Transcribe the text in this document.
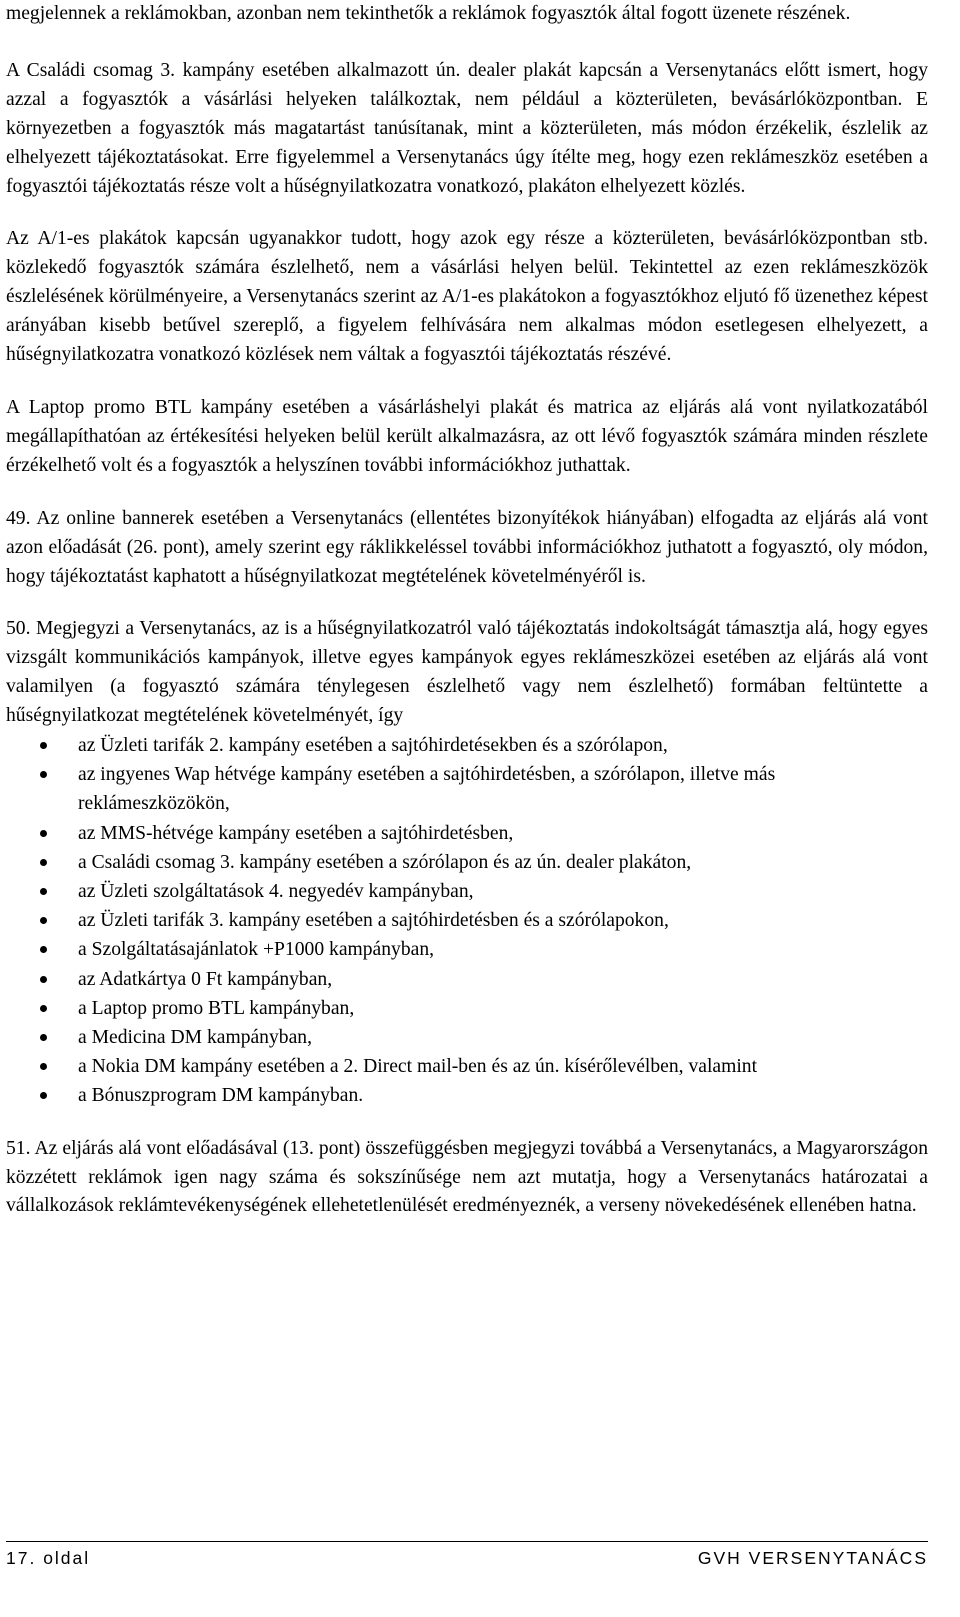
megjelennek a reklámokban, azonban nem tekinthetők a reklámok fogyasztók által fogott üzenete részének.

A Családi csomag 3. kampány esetében alkalmazott ún. dealer plakát kapcsán a Versenytanács előtt ismert, hogy azzal a fogyasztók a vásárlási helyeken találkoztak, nem például a közterületen, bevásárlóközpontban. E környezetben a fogyasztók más magatartást tanúsítanak, mint a közterületen, más módon érzékelik, észlelik az elhelyezett tájékoztatásokat. Erre figyelemmel a Versenytanács úgy ítélte meg, hogy ezen reklámeszköz esetében a fogyasztói tájékoztatás része volt a hűségnyilatkozatra vonatkozó, plakáton elhelyezett közlés.

Az A/1-es plakátok kapcsán ugyanakkor tudott, hogy azok egy része a közterületen, bevásárlóközpontban stb. közlekedő fogyasztók számára észlelhető, nem a vásárlási helyen belül. Tekintettel az ezen reklámeszközök észlelésének körülményeire, a Versenytanács szerint az A/1-es plakátokon a fogyasztókhoz eljutó fő üzenethez képest arányában kisebb betűvel szereplő, a figyelem felhívására nem alkalmas módon esetlegesen elhelyezett, a hűségnyilatkozatra vonatkozó közlések nem váltak a fogyasztói tájékoztatás részévé.

A Laptop promo BTL kampány esetében a vásárláshelyi plakát és matrica az eljárás alá vont nyilatkozatából megállapíthatóan az értékesítési helyeken belül került alkalmazásra, az ott lévő fogyasztók számára minden részlete érzékelhető volt és a fogyasztók a helyszínen további információkhoz juthattak.

49. Az online bannerek esetében a Versenytanács (ellentétes bizonyítékok hiányában) elfogadta az eljárás alá vont azon előadását (26. pont), amely szerint egy ráklikkeléssel további információkhoz juthatott a fogyasztó, oly módon, hogy tájékoztatást kaphatott a hűségnyilatkozat megtételének követelményéről is.

50. Megjegyzi a Versenytanács, az is a hűségnyilatkozatról való tájékoztatás indokoltságát támasztja alá, hogy egyes vizsgált kommunikációs kampányok, illetve egyes kampányok egyes reklámeszközei esetében az eljárás alá vont valamilyen (a fogyasztó számára ténylegesen észlelhető vagy nem észlelhető) formában feltüntette a hűségnyilatkozat megtételének követelményét, így

az Üzleti tarifák 2. kampány esetében a sajtóhirdetésekben és a szórólapon,
az ingyenes Wap hétvége kampány esetében a sajtóhirdetésben, a szórólapon, illetve más reklámeszközökön,
az MMS-hétvége kampány esetében a sajtóhirdetésben,
a Családi csomag 3. kampány esetében a szórólapon és az ún. dealer plakáton,
az Üzleti szolgáltatások 4. negyedév kampányban,
az Üzleti tarifák 3. kampány esetében a sajtóhirdetésben és a szórólapokon,
a Szolgáltatásajánlatok +P1000 kampányban,
az Adatkártya 0 Ft kampányban,
a Laptop promo BTL kampányban,
a Medicina DM kampányban,
a Nokia DM kampány esetében a 2. Direct mail-ben és az ún. kísérőlevélben, valamint
a Bónuszprogram DM kampányban.

51. Az eljárás alá vont előadásával (13. pont) összefüggésben megjegyzi továbbá a Versenytanács, a Magyarországon közzétett reklámok igen nagy száma és sokszínűsége nem azt mutatja, hogy a Versenytanács határozatai a vállalkozások reklámtevékenységének ellehetetlenülését eredményeznék, a verseny növekedésének ellenében hatna.

17. oldal	GVH VERSENYTANÁCS
